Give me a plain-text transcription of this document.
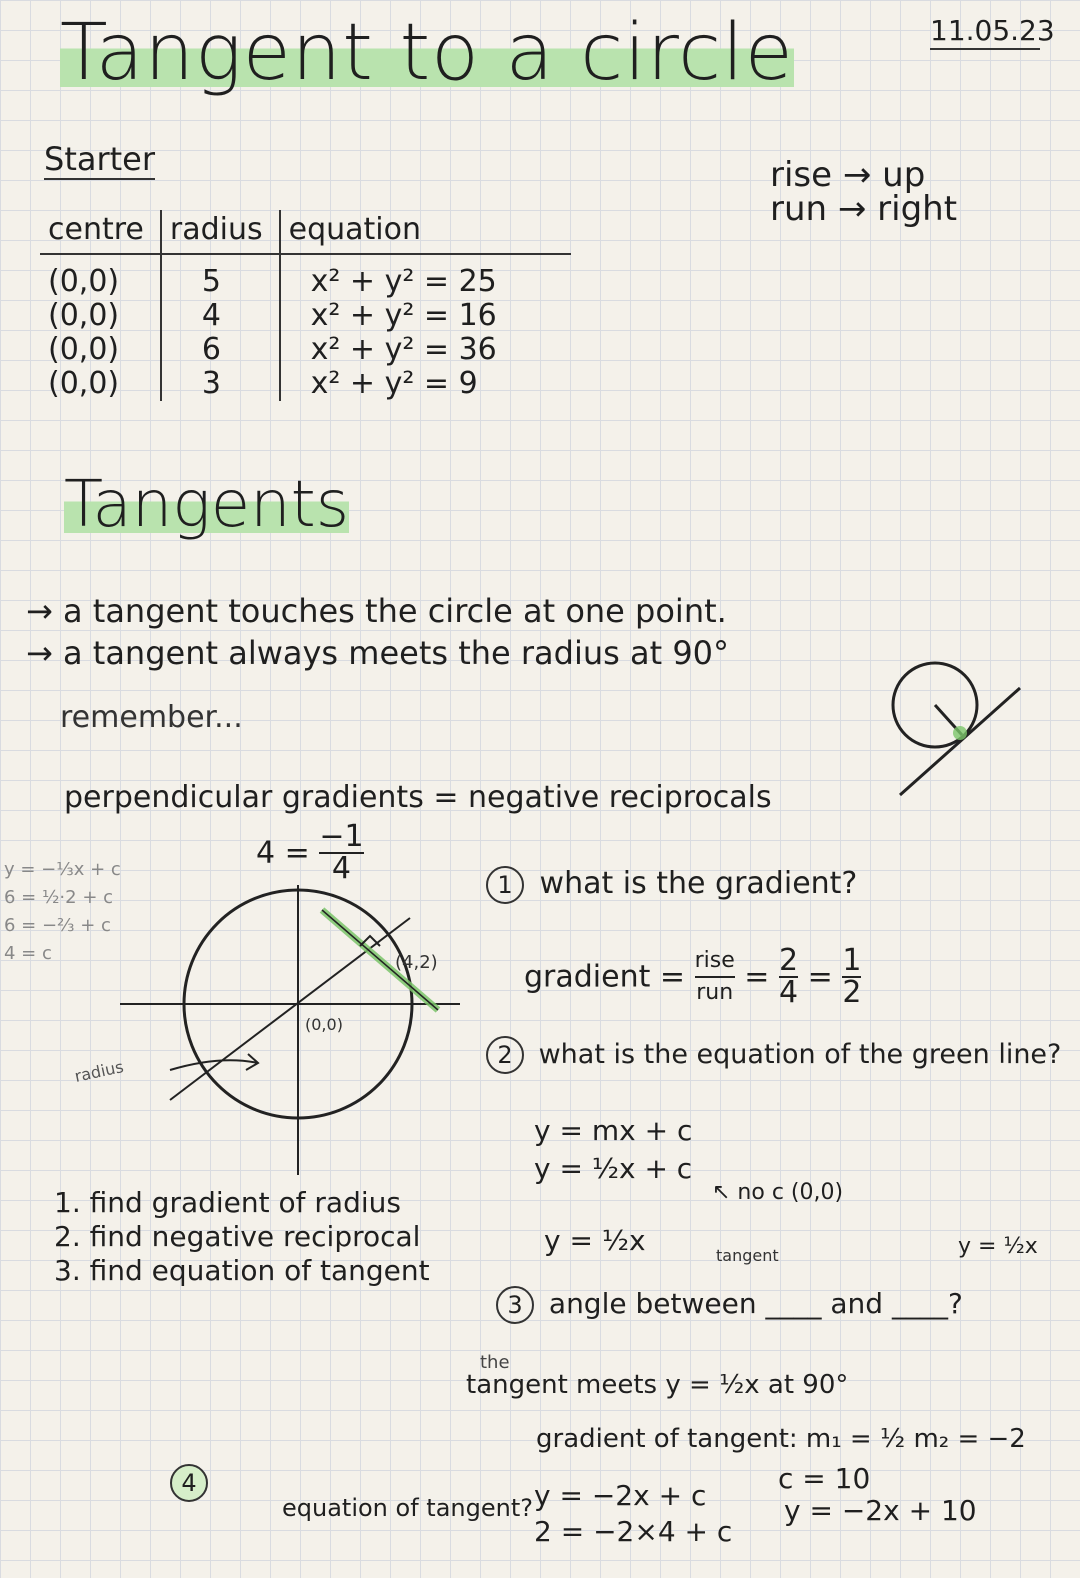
Tangent to a circle	11.05.23
Starter	rise → up
run → right
centre	radius	equation
(0,0)	5	x² + y² = 25
(0,0)	4	x² + y² = 16
(0,0)	6	x² + y² = 36
(0,0)	3	x² + y² = 9
Tangents
→ a tangent touches the circle at one point.
→ a tangent always meets the radius at 90°
remember...
perpendicular gradients = negative reciprocals
$4 = \frac{-1}{4}$
y = −⅓x + c
6 = ½·2 + c
6 = −⅔ + c
4 = c	(4,2)
(0,0)
radius
1 what is the gradient?
gradient = $\frac{\text{rise}}{\text{run}} = \frac{2}{4} = \frac{1}{2}$
2 what is the equation of the green line?
y = mx + c
y = ½x + c
↖ no c (0,0)
y = ½x
1. find gradient of radius
2. find negative reciprocal
3. find equation of tangent	tangent	y = ½x
3 angle between ____ and ____?
the
tangent meets y = ½x at 90°
gradient of tangent: m₁ = ½ m₂ = −2
4
equation of tangent? y = −2x + c
2 = −2×4 + c
c = 10
y = −2x + 10
